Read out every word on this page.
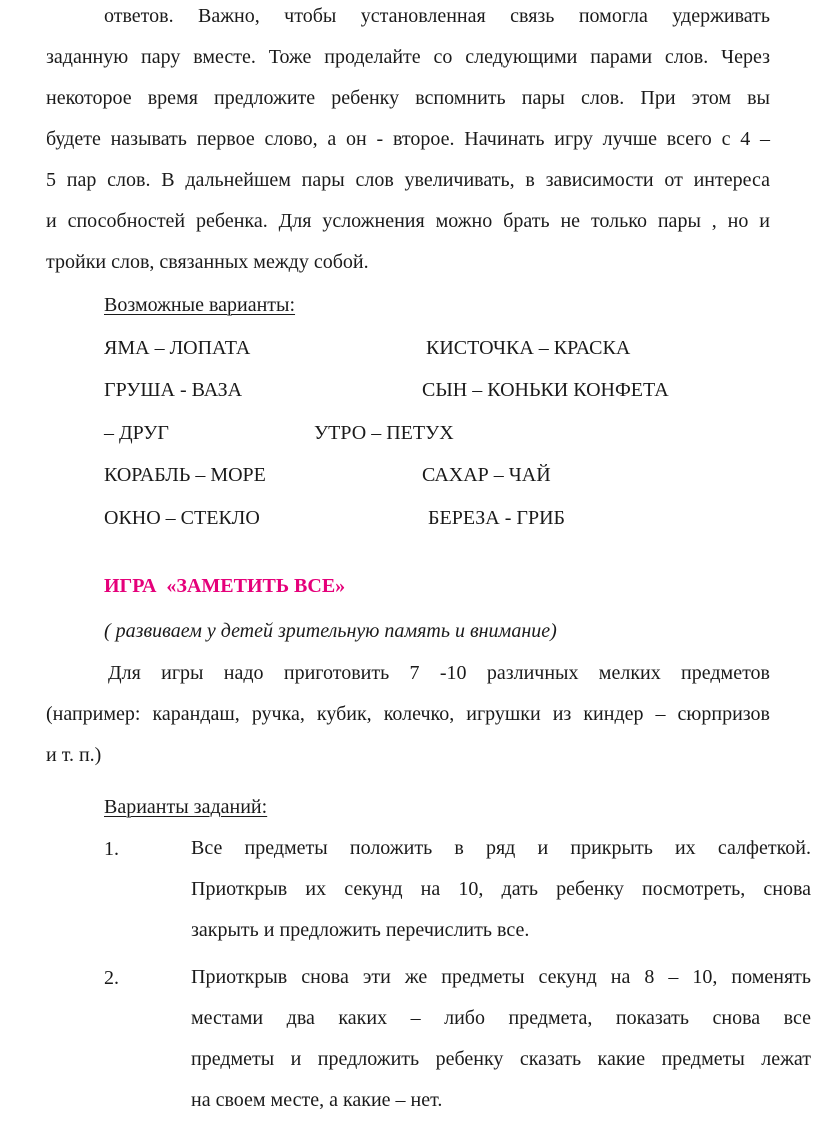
ответов. Важно, чтобы установленная связь помогла удерживать
заданную пару вместе. Тоже проделайте со следующими парами слов. Через
некоторое время предложите ребенку вспомнить пары слов. При этом вы
будете называть первое слово, а он - второе. Начинать игру лучше всего с 4 –
5 пар слов. В дальнейшем пары слов увеличивать, в зависимости от интереса
и способностей ребенка. Для усложнения можно брать не только пары , но и
тройки слов, связанных между собой.
Возможные варианты:
ЯМА – ЛОПАТА	КИСТОЧКА – КРАСКА
ГРУША - ВАЗА	СЫН – КОНЬКИ КОНФЕТА
– ДРУГ	УТРО – ПЕТУХ
КОРАБЛЬ – МОРЕ	САХАР – ЧАЙ
ОКНО – СТЕКЛО	БЕРЕЗА - ГРИБ
ИГРА  «ЗАМЕТИТЬ ВСЕ»
( развиваем у детей зрительную память и внимание)
Для игры надо приготовить 7 -10 различных мелких предметов
(например: карандаш, ручка, кубик, колечко, игрушки из киндер – сюрпризов
и т. п.)
Варианты заданий:
1.	Все предметы положить в ряд и прикрыть их салфеткой.
Приоткрыв их секунд на 10, дать ребенку посмотреть, снова
закрыть и предложить перечислить все.
2.	Приоткрыв снова эти же предметы секунд на 8 – 10, поменять
местами два каких – либо предмета, показать снова все
предметы и предложить ребенку сказать какие предметы лежат
на своем месте, а какие – нет.
